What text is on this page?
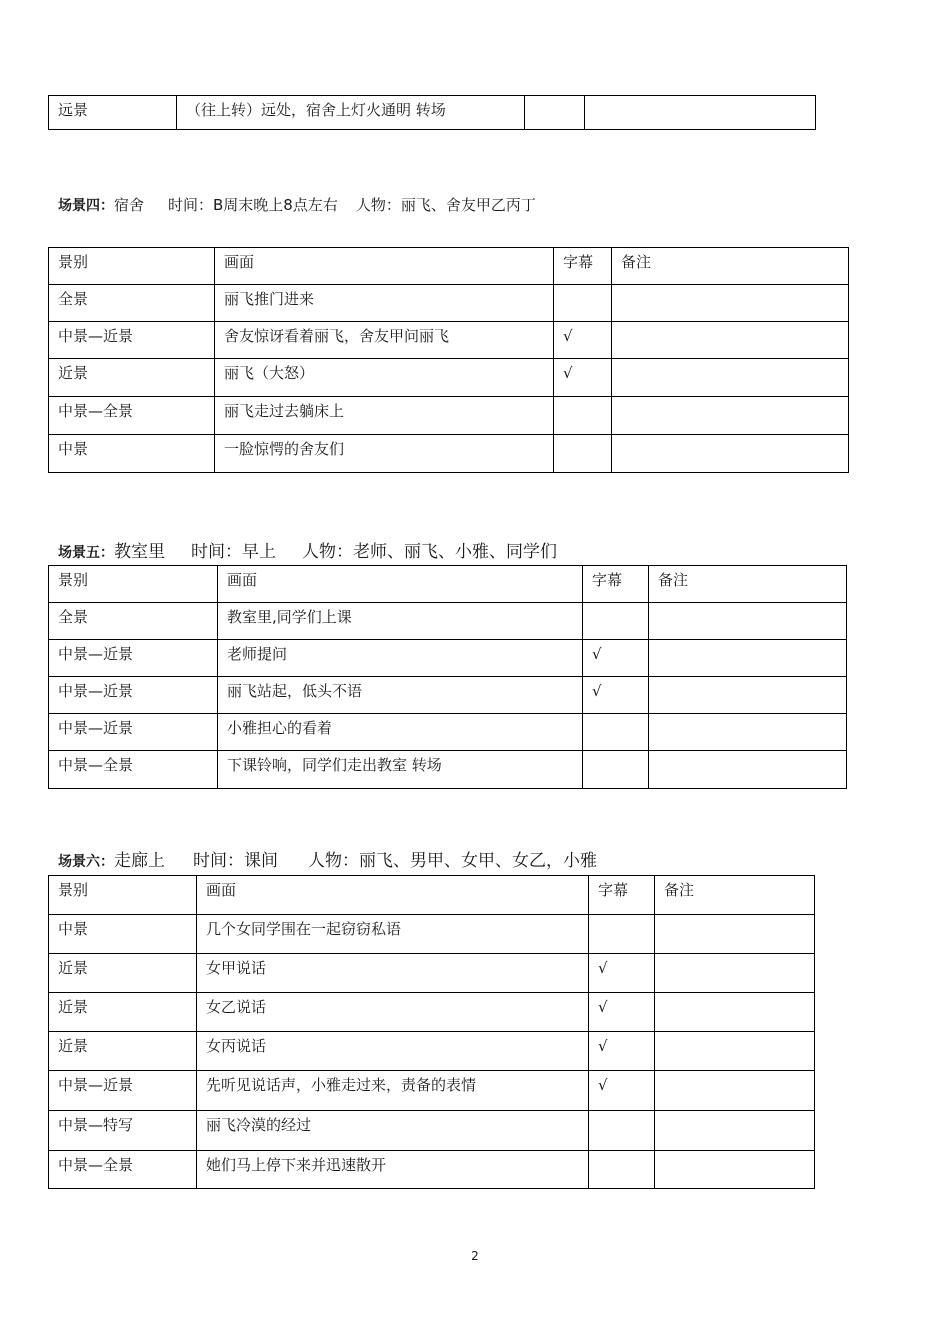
远景	（往上转）远处，宿舍上灯火通明 转场		
场景四：宿舍 时间：B周末晚上8点左右 人物：丽飞、舍友甲乙丙丁
景别	画面	字幕	备注
全景	丽飞推门进来		
中景—近景	舍友惊讶看着丽飞，舍友甲问丽飞	√	
近景	丽飞（大怒）	√	
中景—全景	丽飞走过去躺床上		
中景	一脸惊愕的舍友们		
场景五：教室里 时间：早上 人物：老师、丽飞、小雅、同学们
景别	画面	字幕	备注
全景	教室里,同学们上课		
中景—近景	老师提问	√	
中景—近景	丽飞站起，低头不语	√	
中景—近景	小雅担心的看着		
中景—全景	下课铃响，同学们走出教室 转场		
场景六：走廊上 时间：课间 人物：丽飞、男甲、女甲、女乙，小雅
景别	画面	字幕	备注
中景	几个女同学围在一起窃窃私语		
近景	女甲说话	√	
近景	女乙说话	√	
近景	女丙说话	√	
中景—近景	先听见说话声，小雅走过来，责备的表情	√	
中景—特写	丽飞冷漠的经过		
中景—全景	她们马上停下来并迅速散开		
2
